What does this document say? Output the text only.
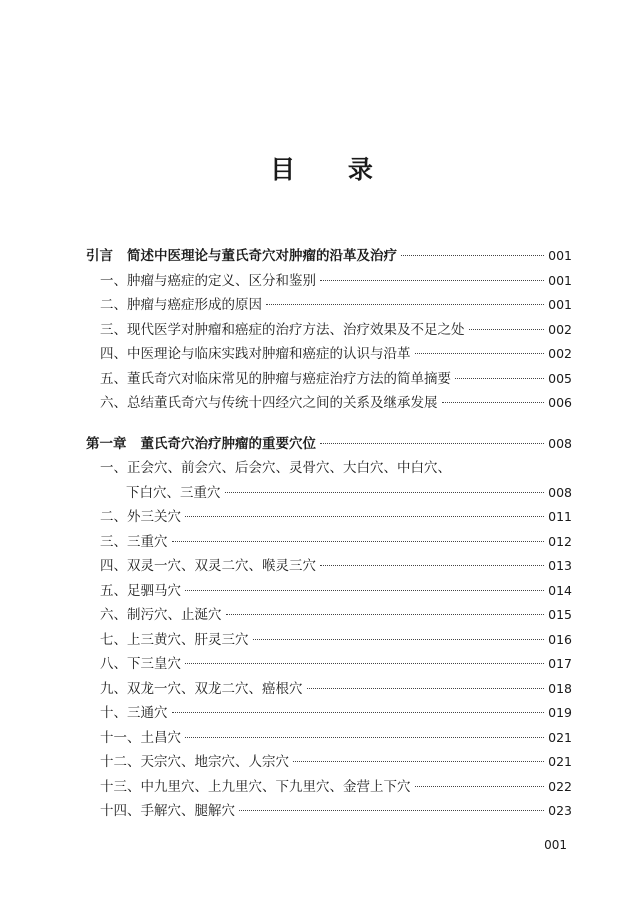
目 录
引言 简述中医理论与董氏奇穴对肿瘤的沿革及治疗	001
一、肿瘤与癌症的定义、区分和鉴别	001
二、肿瘤与癌症形成的原因	001
三、现代医学对肿瘤和癌症的治疗方法、治疗效果及不足之处	002
四、中医理论与临床实践对肿瘤和癌症的认识与沿革	002
五、董氏奇穴对临床常见的肿瘤与癌症治疗方法的简单摘要	005
六、总结董氏奇穴与传统十四经穴之间的关系及继承发展	006
第一章 董氏奇穴治疗肿瘤的重要穴位	008
一、正会穴、前会穴、后会穴、灵骨穴、大白穴、中白穴、
下白穴、三重穴	008
二、外三关穴	011
三、三重穴	012
四、双灵一穴、双灵二穴、喉灵三穴	013
五、足驷马穴	014
六、制污穴、止涎穴	015
七、上三黄穴、肝灵三穴	016
八、下三皇穴	017
九、双龙一穴、双龙二穴、癌根穴	018
十、三通穴	019
十一、土昌穴	021
十二、天宗穴、地宗穴、人宗穴	021
十三、中九里穴、上九里穴、下九里穴、金营上下穴	022
十四、手解穴、腿解穴	023
001
